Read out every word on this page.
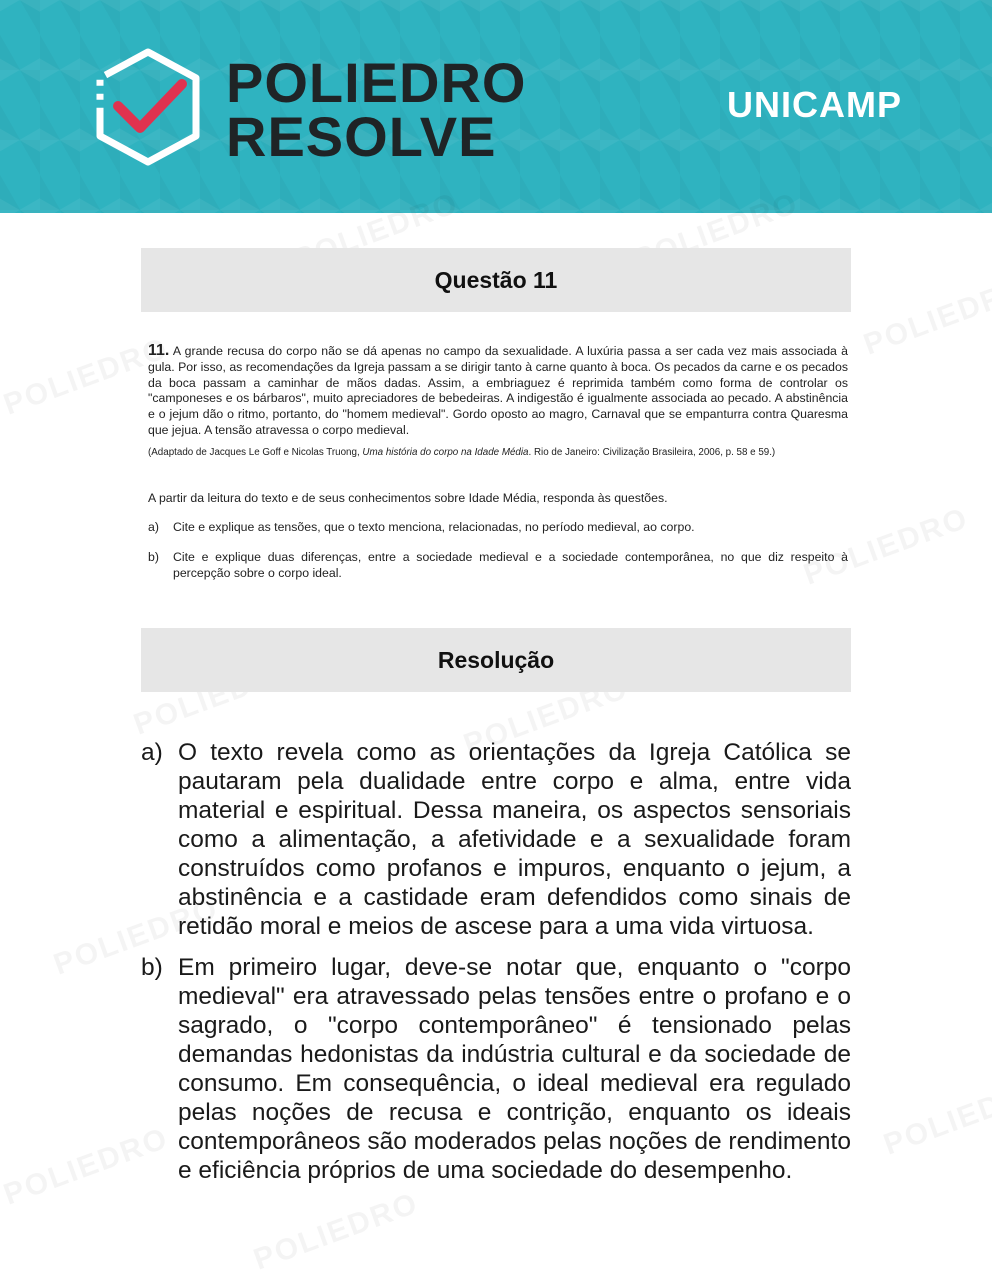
POLIEDRO
RESOLVE
UNICAMP
Questão 11
11. A grande recusa do corpo não se dá apenas no campo da sexualidade. A luxúria passa a ser cada vez mais associada à gula. Por isso, as recomendações da Igreja passam a se dirigir tanto à carne quanto à boca. Os pecados da carne e os pecados da boca passam a caminhar de mãos dadas. Assim, a embriaguez é reprimida também como forma de controlar os "camponeses e os bárbaros", muito apreciadores de bebedeiras. A indigestão é igualmente associada ao pecado. A abstinência e o jejum dão o ritmo, portanto, do "homem medieval". Gordo oposto ao magro, Carnaval que se empanturra contra Quaresma que jejua. A tensão atravessa o corpo medieval.
(Adaptado de Jacques Le Goff e Nicolas Truong, Uma história do corpo na Idade Média. Rio de Janeiro: Civilização Brasileira, 2006, p. 58 e 59.)
A partir da leitura do texto e de seus conhecimentos sobre Idade Média, responda às questões.
a)	Cite e explique as tensões, que o texto menciona, relacionadas, no período medieval, ao corpo.
b)	Cite e explique duas diferenças, entre a sociedade medieval e a sociedade contemporânea, no que diz respeito à percepção sobre o corpo ideal.
Resolução
a) O texto revela como as orientações da Igreja Católica se pautaram pela dualidade entre corpo e alma, entre vida material e espiritual. Dessa maneira, os aspectos sensoriais como a alimentação, a afetividade e a sexualidade foram construídos como profanos e impuros, enquanto o jejum, a abstinência e a castidade eram defendidos como sinais de retidão moral e meios de ascese para a uma vida virtuosa.
b) Em primeiro lugar, deve-se notar que, enquanto o "corpo medieval" era atravessado pelas tensões entre o profano e o sagrado, o "corpo contemporâneo" é tensionado pelas demandas hedonistas da indústria cultural e da sociedade de consumo. Em consequência, o ideal medieval era regulado pelas noções de recusa e contrição, enquanto os ideais contemporâneos são moderados pelas noções de rendimento e eficiência próprios de uma sociedade do desempenho.
